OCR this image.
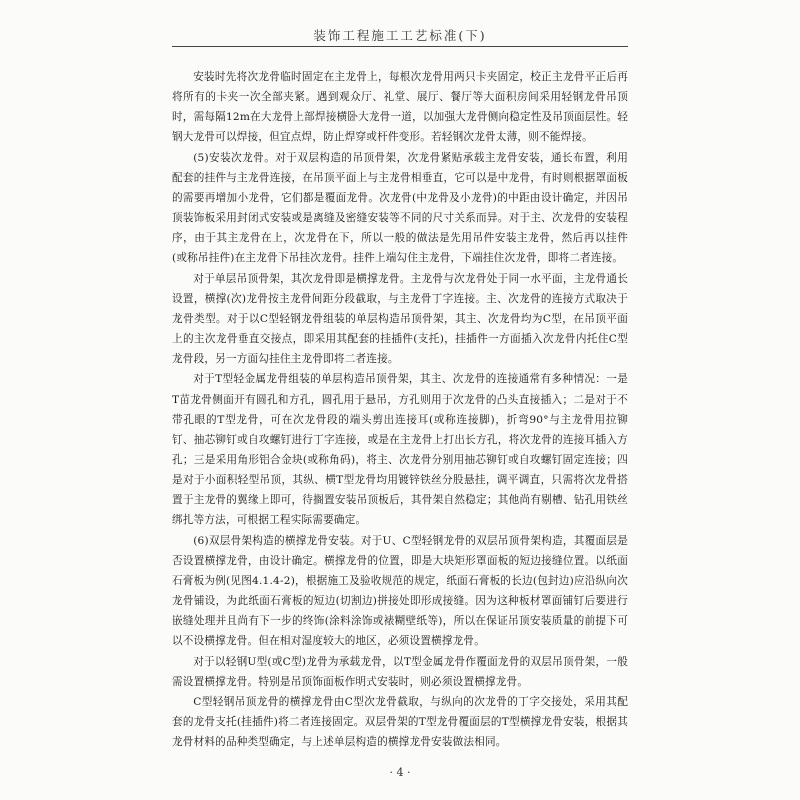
装饰工程施工工艺标准(下)

安装时先将次龙骨临时固定在主龙骨上，每根次龙骨用两只卡夹固定，校正主龙骨平正后再将所有的卡夹一次全部夹紧。遇到观众厅、礼堂、展厅、餐厅等大面积房间采用轻钢龙骨吊顶时，需每隔12m在大龙骨上部焊接横卧大龙骨一道，以加强大龙骨侧向稳定性及吊顶面层性。轻钢大龙骨可以焊接，但宜点焊，防止焊穿或杆件变形。若轻钢次龙骨太薄，则不能焊接。

(5)安装次龙骨。对于双层构造的吊顶骨架，次龙骨紧贴承载主龙骨安装，通长布置，利用配套的挂件与主龙骨连接，在吊顶平面上与主龙骨相垂直，它可以是中龙骨，有时则根据罩面板的需要再增加小龙骨，它们都是覆面龙骨。次龙骨(中龙骨及小龙骨)的中距由设计确定，并因吊顶装饰板采用封闭式安装或是离缝及密缝安装等不同的尺寸关系而异。对于主、次龙骨的安装程序，由于其主龙骨在上，次龙骨在下，所以一般的做法是先用吊件安装主龙骨，然后再以挂件(或称吊挂件)在主龙骨下吊挂次龙骨。挂件上端勾住主龙骨，下端挂住次龙骨，即将二者连接。

对于单层吊顶骨架，其次龙骨即是横撑龙骨。主龙骨与次龙骨处于同一水平面，主龙骨通长设置，横撑(次)龙骨按主龙骨间距分段截取，与主龙骨丁字连接。主、次龙骨的连接方式取决于龙骨类型。对于以C型轻钢龙骨组装的单层构造吊顶骨架，其主、次龙骨均为C型，在吊顶平面上的主次龙骨垂直交接点，即采用其配套的挂插件(支托)，挂插件一方面插入次龙骨内托住C型龙骨段，另一方面勾挂住主龙骨即将二者连接。

对于T型轻金属龙骨组装的单层构造吊顶骨架，其主、次龙骨的连接通常有多种情况：一是T苗龙骨侧面开有圆孔和方孔，圆孔用于悬吊，方孔则用于次龙骨的凸头直接插入；二是对于不带孔眼的T型龙骨，可在次龙骨段的端头剪出连接耳(或称连接脚)，折弯90°与主龙骨用拉铆钉、抽芯铆钉或自攻螺钉进行丁字连接，或是在主龙骨上打出长方孔，将次龙骨的连接耳插入方孔；三是采用角形铝合金块(或称角码)，将主、次龙骨分别用抽芯铆钉或自攻螺钉固定连接；四是对于小面积轻型吊顶，其纵、横T型龙骨均用镀锌铁丝分股悬挂，调平调直，只需将次龙骨搭置于主龙骨的翼缘上即可，待搁置安装吊顶板后，其骨架自然稳定；其他尚有剔槽、钻孔用铁丝绑扎等方法，可根据工程实际需要确定。

(6)双层骨架构造的横撑龙骨安装。对于U、C型轻钢龙骨的双层吊顶骨架构造，其覆面层是否设置横撑龙骨，由设计确定。横撑龙骨的位置，即是大块矩形罩面板的短边接缝位置。以纸面石膏板为例(见图4.1.4-2)，根据施工及验收规范的规定，纸面石膏板的长边(包封边)应沿纵向次龙骨铺设，为此纸面石膏板的短边(切割边)拼接处即形成接缝。因为这种板材罩面铺钉后要进行嵌缝处理并且尚有下一步的终饰(涂料涂饰或裱糊壁纸等)，所以在保证吊顶安装质量的前提下可以不设横撑龙骨。但在相对湿度较大的地区，必须设置横撑龙骨。

对于以轻钢U型(或C型)龙骨为承载龙骨，以T型金属龙骨作覆面龙骨的双层吊顶骨架，一般需设置横撑龙骨。特别是吊顶饰面板作明式安装时，则必须设置横撑龙骨。

C型轻钢吊顶龙骨的横撑龙骨由C型次龙骨截取，与纵向的次龙骨的丁字交接处，采用其配套的龙骨支托(挂插件)将二者连接固定。双层骨架的T型龙骨覆面层的T型横撑龙骨安装，根据其龙骨材料的品种类型确定，与上述单层构造的横撑龙骨安装做法相同。

· 4 ·
